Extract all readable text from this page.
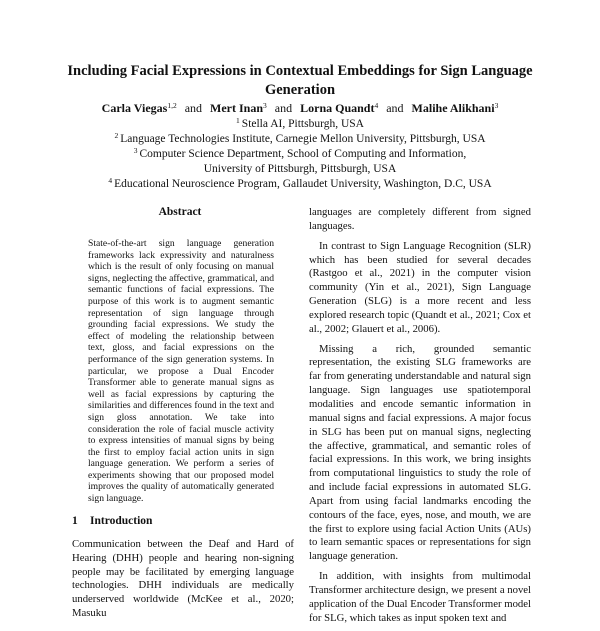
Including Facial Expressions in Contextual Embeddings for Sign Language Generation
Carla Viegas$^{1,2}$ and Mert Inan$^3$ and Lorna Quandt$^4$ and Malihe Alikhani$^3$
$^1$ Stella AI, Pittsburgh, USA
$^2$ Language Technologies Institute, Carnegie Mellon University, Pittsburgh, USA
$^3$ Computer Science Department, School of Computing and Information,
University of Pittsburgh, Pittsburgh, USA
$^4$ Educational Neuroscience Program, Gallaudet University, Washington, D.C, USA
Abstract
State-of-the-art sign language generation frameworks lack expressivity and naturalness which is the result of only focusing on manual signs, neglecting the affective, grammatical, and semantic functions of facial expressions. The purpose of this work is to augment semantic representation of sign language through grounding facial expressions. We study the effect of modeling the relationship between text, gloss, and facial expressions on the performance of the sign generation systems. In particular, we propose a Dual Encoder Transformer able to generate manual signs as well as facial expressions by capturing the similarities and differences found in the text and sign gloss annotation. We take into consideration the role of facial muscle activity to express intensities of manual signs by being the first to employ facial action units in sign language generation. We perform a series of experiments showing that our proposed model improves the quality of automatically generated sign language.
1 Introduction

Communication between the Deaf and Hard of Hearing (DHH) people and hearing non-signing people may be facilitated by emerging language technologies. DHH individuals are medically underserved worldwide (McKee et al., 2020; Masuku

languages are completely different from signed languages.

In contrast to Sign Language Recognition (SLR) which has been studied for several decades (Rastgoo et al., 2021) in the computer vision community (Yin et al., 2021), Sign Language Generation (SLG) is a more recent and less explored research topic (Quandt et al., 2021; Cox et al., 2002; Glauert et al., 2006).

Missing a rich, grounded semantic representation, the existing SLG frameworks are far from generating understandable and natural sign language. Sign languages use spatiotemporal modalities and encode semantic information in manual signs and facial expressions. A major focus in SLG has been put on manual signs, neglecting the affective, grammatical, and semantic roles of facial expressions. In this work, we bring insights from computational linguistics to study the role of and include facial expressions in automated SLG. Apart from using facial landmarks encoding the contours of the face, eyes, nose, and mouth, we are the first to explore using facial Action Units (AUs) to learn semantic spaces or representations for sign language generation.

In addition, with insights from multimodal Transformer architecture design, we present a novel application of the Dual Encoder Transformer model for SLG, which takes as input spoken text and
